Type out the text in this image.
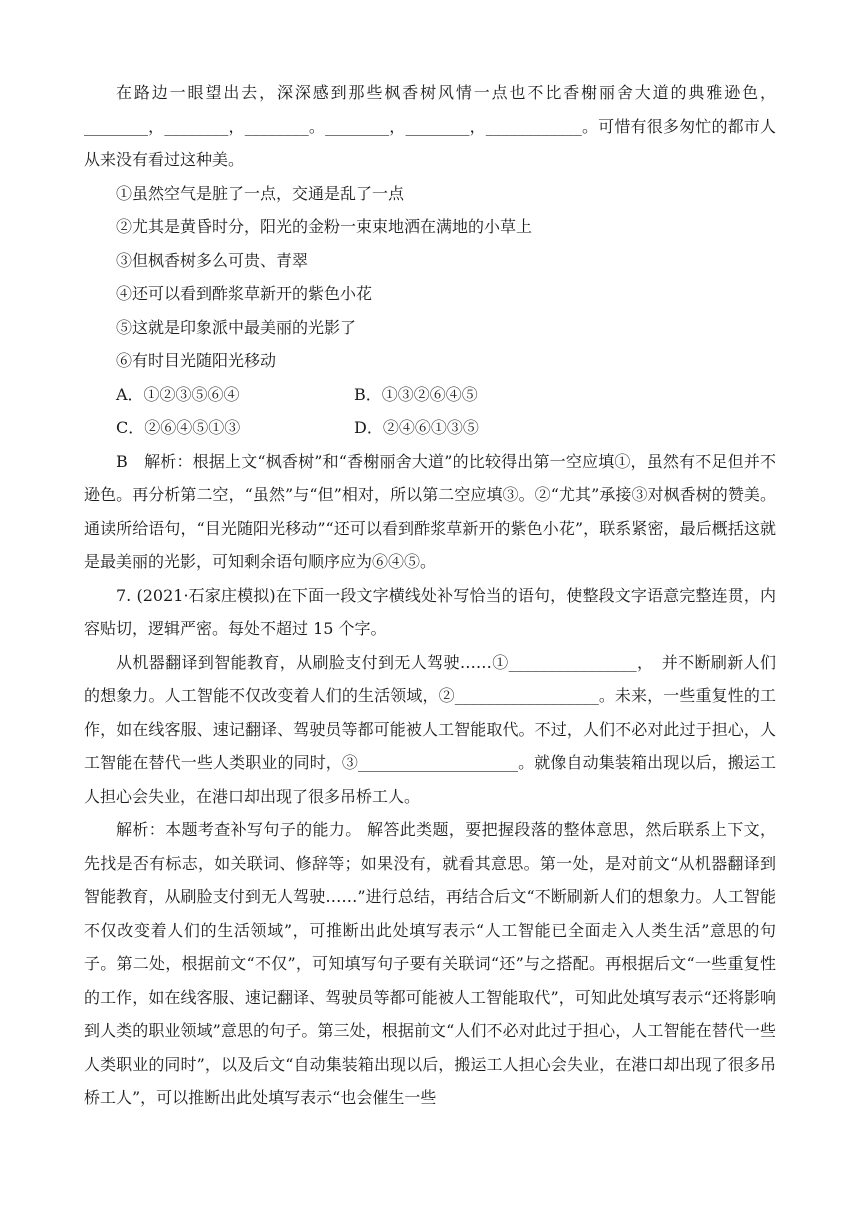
在路边一眼望出去，深深感到那些枫香树风情一点也不比香榭丽舍大道的典雅逊色，________，________，________。________，________，____________。可惜有很多匆忙的都市人从来没有看过这种美。

①虽然空气是脏了一点，交通是乱了一点
②尤其是黄昏时分，阳光的金粉一束束地洒在满地的小草上
③但枫香树多么可贵、青翠
④还可以看到酢浆草新开的紫色小花
⑤这就是印象派中最美丽的光影了
⑥有时目光随阳光移动
A．①②③⑤⑥④	B．①③②⑥④⑤
C．②⑥④⑤①③	D．②④⑥①③⑤

B　解析：根据上文“枫香树”和“香榭丽舍大道”的比较得出第一空应填①，虽然有不足但并不逊色。再分析第二空，“虽然”与“但”相对，所以第二空应填③。②“尤其”承接③对枫香树的赞美。通读所给语句，“目光随阳光移动”“还可以看到酢浆草新开的紫色小花”，联系紧密，最后概括这就是最美丽的光影，可知剩余语句顺序应为⑥④⑤。

7. (2021·石家庄模拟)在下面一段文字横线处补写恰当的语句，使整段文字语意完整连贯，内容贴切，逻辑严密。每处不超过 15 个字。

从机器翻译到智能教育，从刷脸支付到无人驾驶……①________________，　并不断刷新人们的想象力。人工智能不仅改变着人们的生活领域，②__________________。未来，一些重复性的工作，如在线客服、速记翻译、驾驶员等都可能被人工智能取代。不过，人们不必对此过于担心，人工智能在替代一些人类职业的同时，③____________________。就像自动集装箱出现以后，搬运工人担心会失业，在港口却出现了很多吊桥工人。

解析：本题考查补写句子的能力。 解答此类题，要把握段落的整体意思，然后联系上下文，先找是否有标志，如关联词、修辞等；如果没有，就看其意思。第一处，是对前文“从机器翻译到智能教育，从刷脸支付到无人驾驶……”进行总结，再结合后文“不断刷新人们的想象力。人工智能不仅改变着人们的生活领域”，可推断出此处填写表示“人工智能已全面走入人类生活”意思的句子。第二处，根据前文“不仅”，可知填写句子要有关联词“还”与之搭配。再根据后文“一些重复性的工作，如在线客服、速记翻译、驾驶员等都可能被人工智能取代”，可知此处填写表示“还将影响到人类的职业领域”意思的句子。第三处，根据前文“人们不必对此过于担心，人工智能在替代一些人类职业的同时”，以及后文“自动集装箱出现以后，搬运工人担心会失业，在港口却出现了很多吊桥工人”，可以推断出此处填写表示“也会催生一些
